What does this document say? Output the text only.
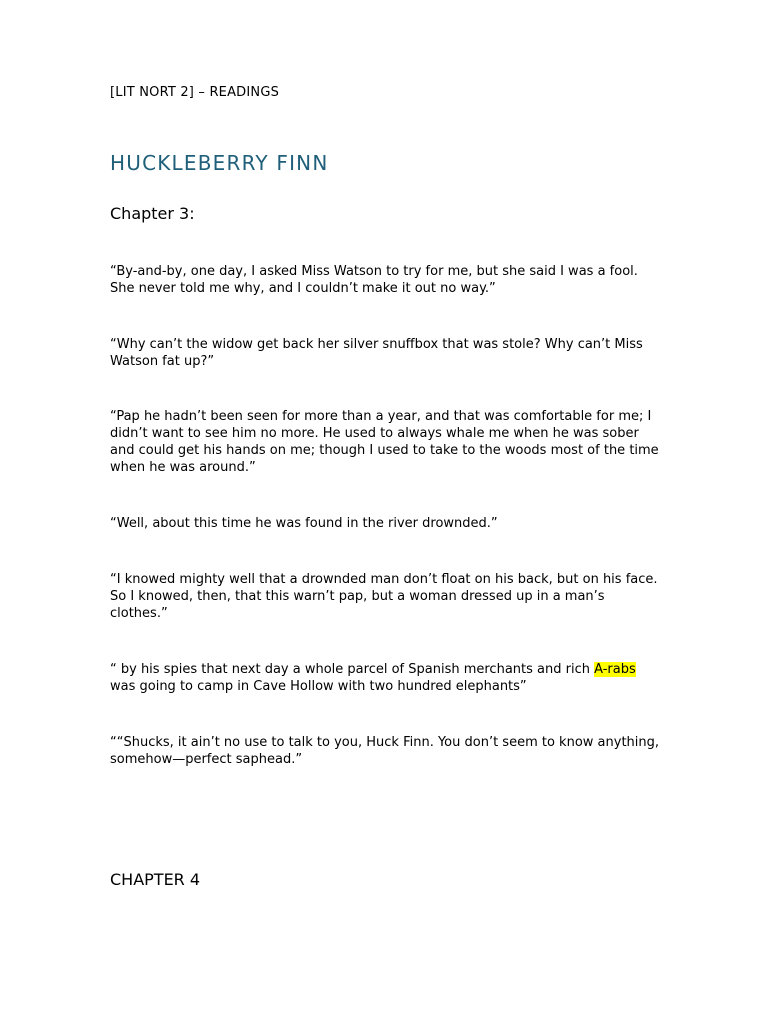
[LIT NORT 2] – READINGS
HUCKLEBERRY FINN
Chapter 3:

“By-and-by, one day, I asked Miss Watson to try for me, but she said I was a fool. She never told me why, and I couldn’t make it out no way.”

“Why can’t the widow get back her silver snuffbox that was stole? Why can’t Miss Watson fat up?”

“Pap he hadn’t been seen for more than a year, and that was comfortable for me; I didn’t want to see him no more. He used to always whale me when he was sober and could get his hands on me; though I used to take to the woods most of the time when he was around.”

“Well, about this time he was found in the river drownded.”

“I knowed mighty well that a drownded man don’t float on his back, but on his face. So I knowed, then, that this warn’t pap, but a woman dressed up in a man’s clothes.”

“ by his spies that next day a whole parcel of Spanish merchants and rich A-rabs was going to camp in Cave Hollow with two hundred elephants”

““Shucks, it ain’t no use to talk to you, Huck Finn. You don’t seem to know anything, somehow—perfect saphead.”

CHAPTER 4
